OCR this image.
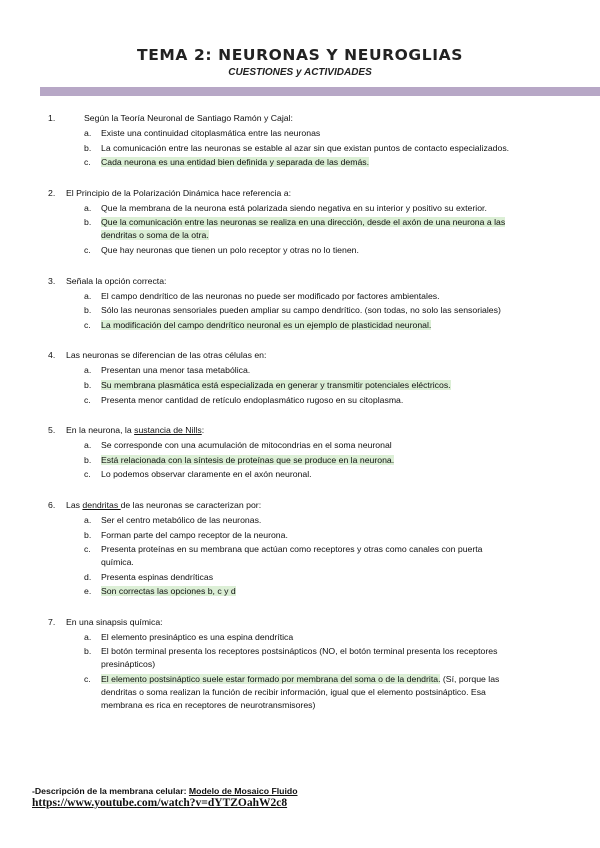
TEMA 2: NEURONAS Y NEUROGLIAS
CUESTIONES y ACTIVIDADES
1.	Según la Teoría Neuronal de Santiago Ramón y Cajal:
a. Existe una continuidad citoplasmática entre las neuronas
b. La comunicación entre las neuronas se estable al azar sin que existan puntos de contacto especializados.
c. Cada neurona es una entidad bien definida y separada de las demás.
2.	El Principio de la Polarización Dinámica hace referencia a:
a. Que la membrana de la neurona está polarizada siendo negativa en su interior y positivo su exterior.
b. Que la comunicación entre las neuronas se realiza en una dirección, desde el axón de una neurona a las dendritas o soma de la otra.
c. Que hay neuronas que tienen un polo receptor y otras no lo tienen.
3.	Señala la opción correcta:
a. El campo dendrítico de las neuronas no puede ser modificado por factores ambientales.
b. Sólo las neuronas sensoriales pueden ampliar su campo dendrítico. (son todas, no solo las sensoriales)
c. La modificación del campo dendrítico neuronal es un ejemplo de plasticidad neuronal.
4.	Las neuronas se diferencian de las otras células en:
a. Presentan una menor tasa metabólica.
b. Su membrana plasmática está especializada en generar y transmitir potenciales eléctricos.
c. Presenta menor cantidad de retículo endoplasmático rugoso en su citoplasma.
5.	En la neurona, la sustancia de Nills:
a. Se corresponde con una acumulación de mitocondrias en el soma neuronal
b. Está relacionada con la síntesis de proteínas que se produce en la neurona.
c. Lo podemos observar claramente en el axón neuronal.
6.	Las dendritas de las neuronas se caracterizan por:
a. Ser el centro metabólico de las neuronas.
b. Forman parte del campo receptor de la neurona.
c. Presenta proteínas en su membrana que actúan como receptores y otras como canales con puerta química.
d. Presenta espinas dendríticas
e. Son correctas las opciones b, c y d
7.	En una sinapsis química:
a. El elemento presináptico es una espina dendrítica
b. El botón terminal presenta los receptores postsinápticos (NO, el botón terminal presenta los receptores presinápticos)
c. El elemento postsináptico suele estar formado por membrana del soma o de la dendrita. (Sí, porque las dendritas o soma realizan la función de recibir información, igual que el elemento postsináptico. Esa membrana es rica en receptores de neurotransmisores)
-Descripción de la membrana celular: Modelo de Mosaico Fluido
https://www.youtube.com/watch?v=dYTZOahW2c8
